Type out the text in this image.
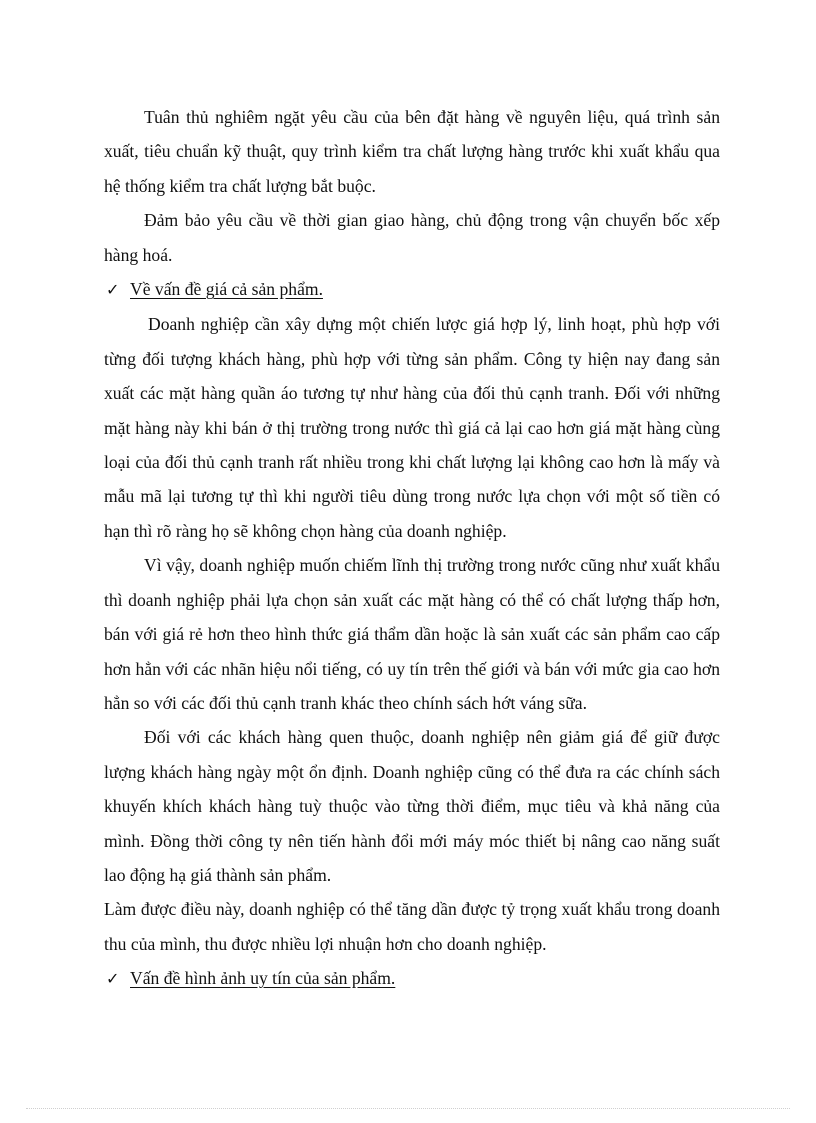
Tuân thủ nghiêm ngặt yêu cầu của bên đặt hàng về nguyên liệu, quá trình sản xuất, tiêu chuẩn kỹ thuật, quy trình kiểm tra chất lượng hàng trước khi xuất khẩu qua hệ thống kiểm tra chất lượng bắt buộc.

Đảm bảo yêu cầu về thời gian giao hàng, chủ động trong vận chuyển bốc xếp hàng hoá.

✓ Về vấn đề giá cả sản phẩm.

Doanh nghiệp cần xây dựng một chiến lược giá hợp lý, linh hoạt, phù hợp với từng đối tượng khách hàng, phù hợp với từng sản phẩm. Công ty hiện nay đang sản xuất các mặt hàng quần áo tương tự như hàng của đối thủ cạnh tranh. Đối với những mặt hàng này khi bán ở thị trường trong nước thì giá cả lại cao hơn giá mặt hàng cùng loại của đối thủ cạnh tranh rất nhiều trong khi chất lượng lại không cao hơn là mấy và mẫu mã lại tương tự thì khi người tiêu dùng trong nước lựa chọn với một số tiền có hạn thì rõ ràng họ sẽ không chọn hàng của doanh nghiệp.

Vì vậy, doanh nghiệp muốn chiếm lĩnh thị trường trong nước cũng như xuất khẩu thì doanh nghiệp phải lựa chọn sản xuất các mặt hàng có thể có chất lượng thấp hơn, bán với giá rẻ hơn theo hình thức giá thẩm dần hoặc là sản xuất các sản phẩm cao cấp hơn hẳn với các nhãn hiệu nổi tiếng, có uy tín trên thế giới và bán với mức gia cao hơn hẳn so với các đối thủ cạnh tranh khác theo chính sách hớt váng sữa.

Đối với các khách hàng quen thuộc, doanh nghiệp nên giảm giá để giữ được lượng khách hàng ngày một ổn định. Doanh nghiệp cũng có thể đưa ra các chính sách khuyến khích khách hàng tuỳ thuộc vào từng thời điểm, mục tiêu và khả năng của mình. Đồng thời công ty nên tiến hành đổi mới máy móc thiết bị nâng cao năng suất lao động hạ giá thành sản phẩm.

Làm được điều này, doanh nghiệp có thể tăng dần được tỷ trọng xuất khẩu trong doanh thu của mình, thu được nhiều lợi nhuận hơn cho doanh nghiệp.

✓ Vấn đề hình ảnh uy tín của sản phẩm.
